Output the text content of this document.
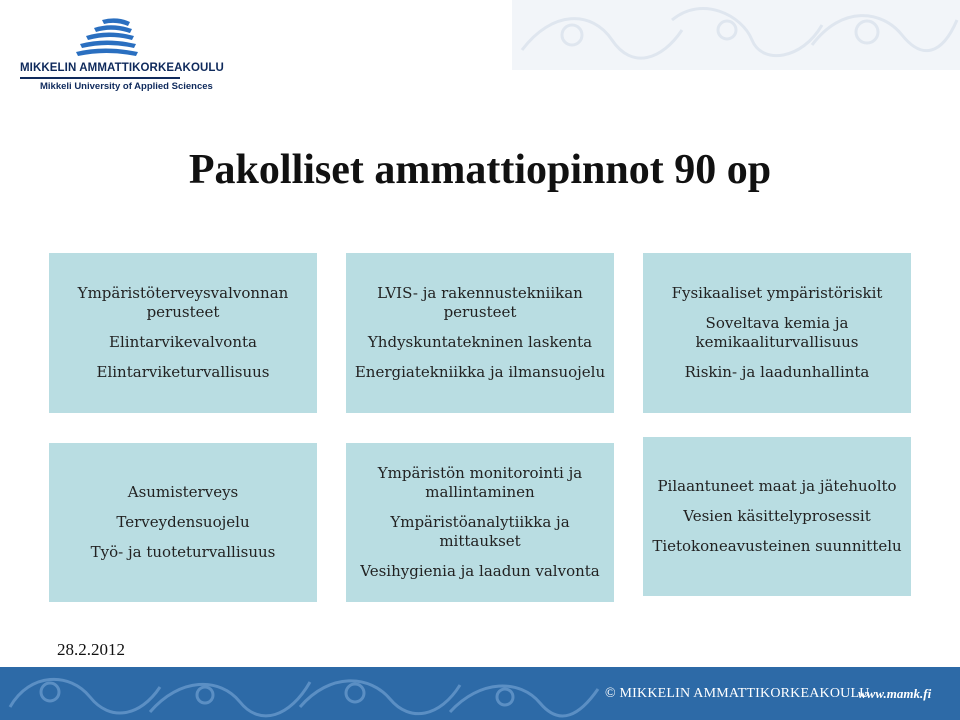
MIKKELIN AMMATTIKORKEAKOULU
Mikkeli University of Applied Sciences
Pakolliset ammattiopinnot 90 op
Ympäristöterveysvalvonnan perusteet
Elintarvikevalvonta
Elintarviketurvallisuus
LVIS- ja rakennustekniikan perusteet
Yhdyskuntatekninen laskenta
Energiatekniikka ja ilmansuojelu
Fysikaaliset ympäristöriskit
Soveltava kemia ja kemikaaliturvallisuus
Riskin- ja laadunhallinta
Asumisterveys
Terveydensuojelu
Työ- ja tuoteturvallisuus
Ympäristön monitorointi ja mallintaminen
Ympäristöanalytiikka ja mittaukset
Vesihygienia ja laadun valvonta
Pilaantuneet maat ja jätehuolto
Vesien käsittelyprosessit
Tietokoneavusteinen suunnittelu
28.2.2012
© MIKKELIN AMMATTIKORKEAKOULU
www.mamk.fi
